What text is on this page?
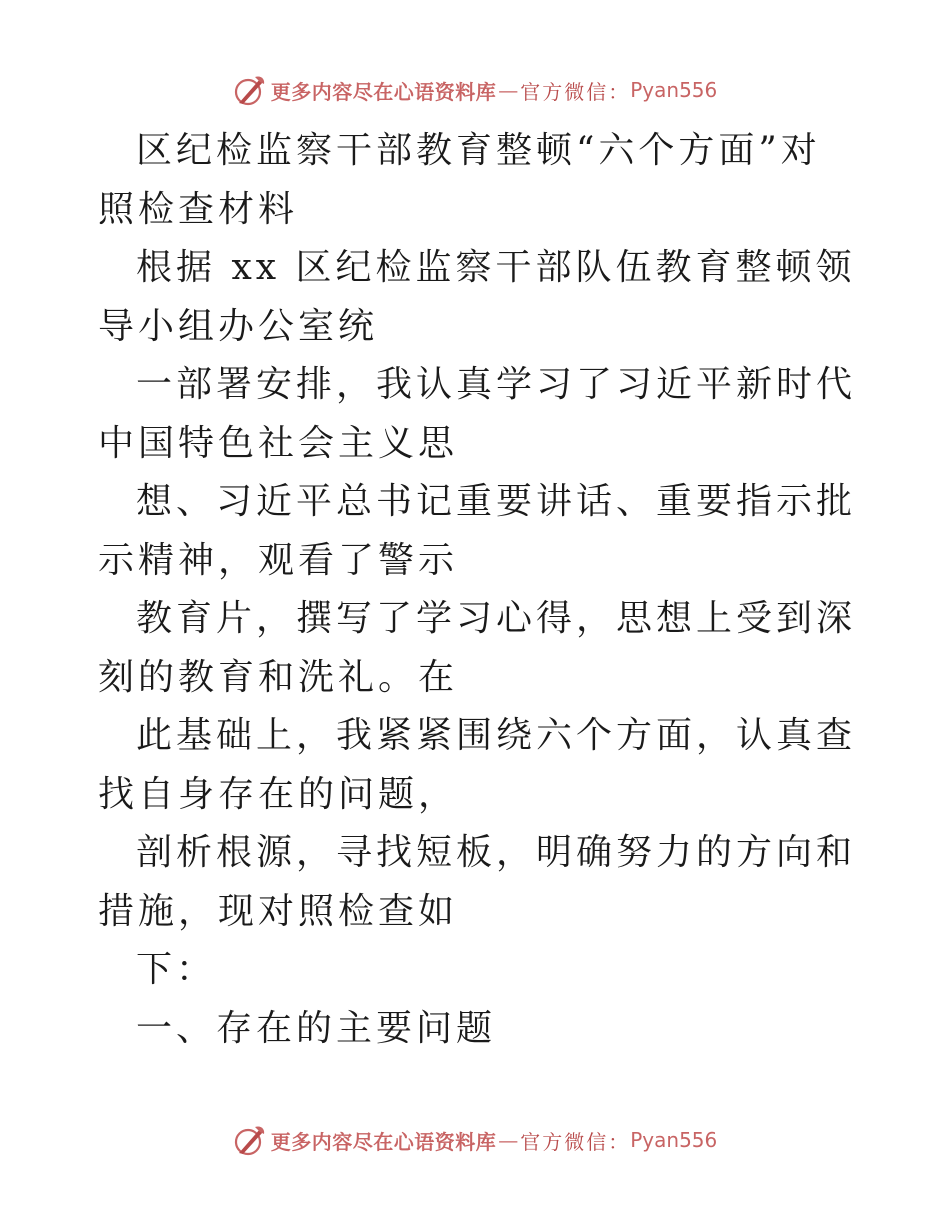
更多内容尽在心语资料库 — 官方微信： Pyan556

区纪检监察干部教育整顿“六个方面”对照检查材料

根据 xx 区纪检监察干部队伍教育整顿领导小组办公室统

一部署安排，我认真学习了习近平新时代中国特色社会主义思

想、习近平总书记重要讲话、重要指示批示精神，观看了警示

教育片，撰写了学习心得，思想上受到深刻的教育和洗礼。在

此基础上，我紧紧围绕六个方面，认真查找自身存在的问题，

剖析根源，寻找短板，明确努力的方向和措施，现对照检查如

下：

一、存在的主要问题

更多内容尽在心语资料库 — 官方微信： Pyan556
